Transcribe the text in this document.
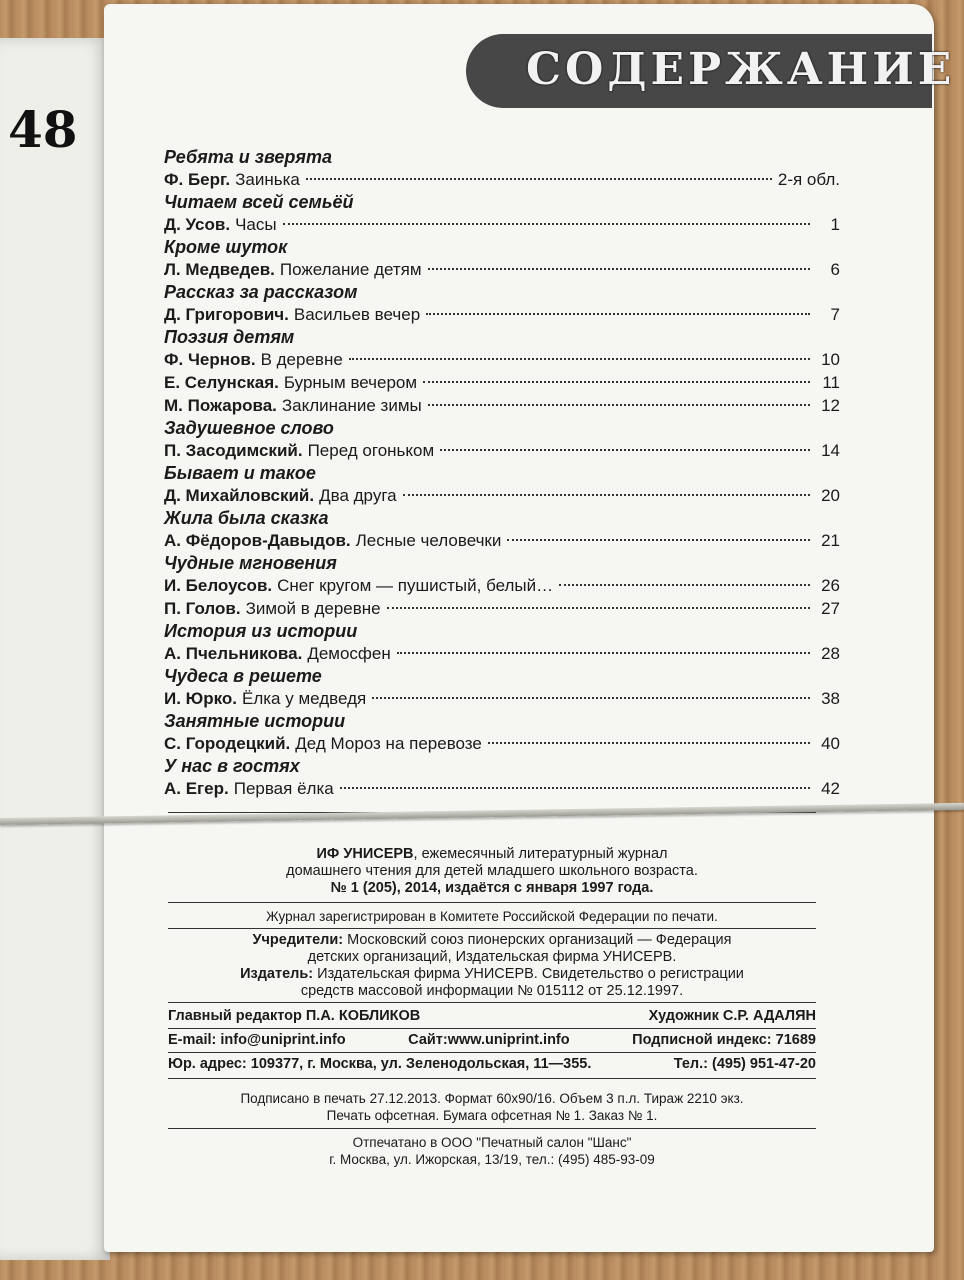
48
СОДЕРЖАНИЕ
Ребята и зверята
Ф. Берг. Заинька	2-я обл.
Читаем всей семьёй
Д. Усов. Часы	1
Кроме шуток
Л. Медведев. Пожелание детям	6
Рассказ за рассказом
Д. Григорович. Васильев вечер	7
Поэзия детям
Ф. Чернов. В деревне	10
Е. Селунская. Бурным вечером	11
М. Пожарова. Заклинание зимы	12
Задушевное слово
П. Засодимский. Перед огоньком	14
Бывает и такое
Д. Михайловский. Два друга	20
Жила была сказка
А. Фёдоров-Давыдов. Лесные человечки	21
Чудные мгновения
И. Белоусов. Снег кругом — пушистый, белый…	26
П. Голов. Зимой в деревне	27
История из истории
А. Пчельникова. Демосфен	28
Чудеса в решете
И. Юрко. Ёлка у медведя	38
Занятные истории
С. Городецкий. Дед Мороз на перевозе	40
У нас в гостях
А. Егер. Первая ёлка	42
ИФ УНИСЕРВ, ежемесячный литературный журнал
домашнего чтения для детей младшего школьного возраста.
№ 1 (205), 2014, издаётся с января 1997 года.
Журнал зарегистрирован в Комитете Российской Федерации по печати.
Учредители: Московский союз пионерских организаций — Федерация
детских организаций, Издательская фирма УНИСЕРВ.
Издатель: Издательская фирма УНИСЕРВ. Свидетельство о регистрации
средств массовой информации № 015112 от 25.12.1997.
Главный редактор П.А. КОБЛИКОВ	Художник С.Р. АДАЛЯН
E-mail: info@uniprint.info	Сайт:www.uniprint.info	Подписной индекс: 71689
Юр. адрес: 109377, г. Москва, ул. Зеленодольская, 11—355.	Тел.: (495) 951-47-20
Подписано в печать 27.12.2013. Формат 60х90/16. Объем 3 п.л. Тираж 2210 экз.
Печать офсетная. Бумага офсетная № 1. Заказ № 1.
Отпечатано в ООО "Печатный салон "Шанс"
г. Москва, ул. Ижорская, 13/19, тел.: (495) 485-93-09
